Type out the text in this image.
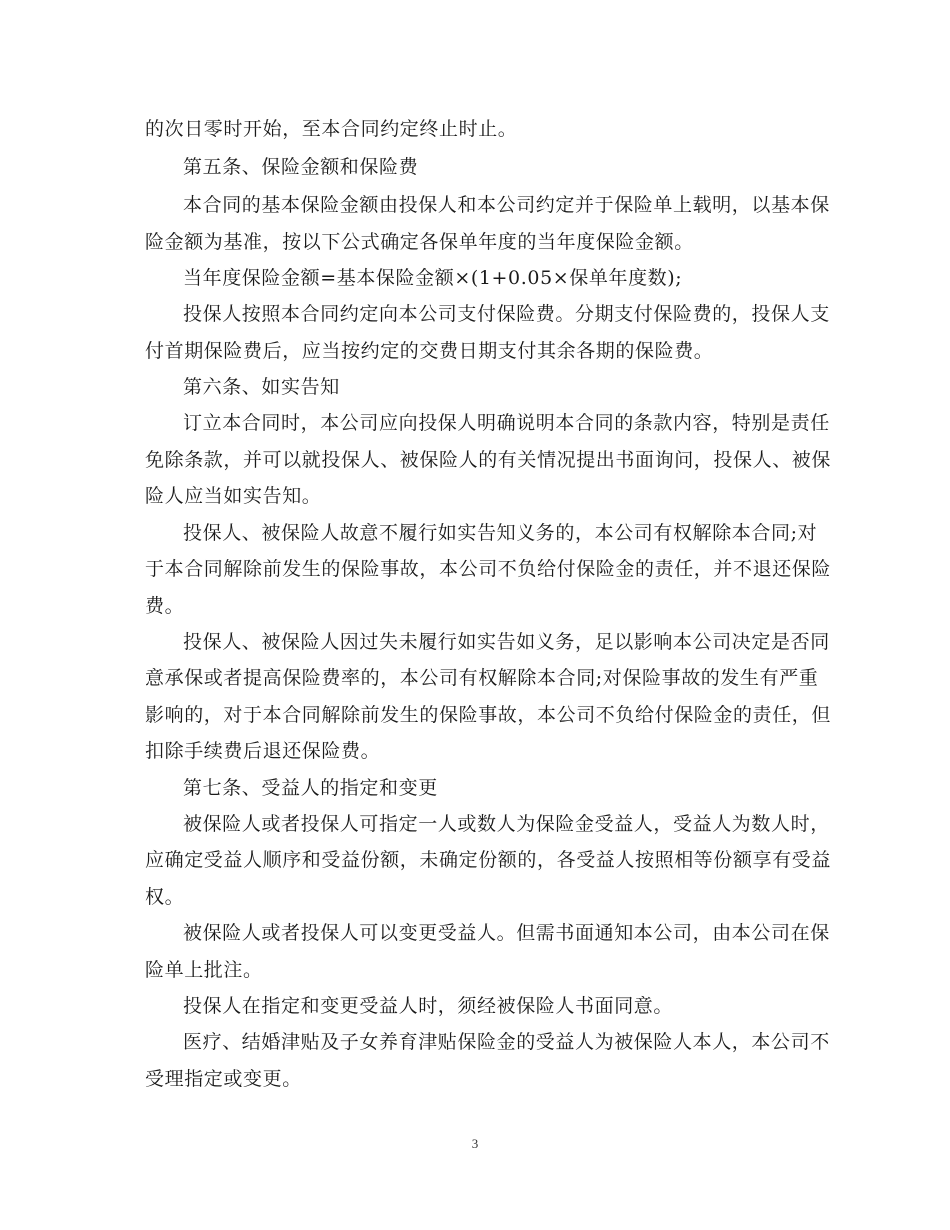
的次日零时开始，至本合同约定终止时止。
第五条、保险金额和保险费
本合同的基本保险金额由投保人和本公司约定并于保险单上载明，以基本保
险金额为基准，按以下公式确定各保单年度的当年度保险金额。
当年度保险金额=基本保险金额×(1+0.05×保单年度数);
投保人按照本合同约定向本公司支付保险费。分期支付保险费的，投保人支
付首期保险费后，应当按约定的交费日期支付其余各期的保险费。
第六条、如实告知
订立本合同时，本公司应向投保人明确说明本合同的条款内容，特别是责任
免除条款，并可以就投保人、被保险人的有关情况提出书面询问，投保人、被保
险人应当如实告知。
投保人、被保险人故意不履行如实告知义务的，本公司有权解除本合同;对
于本合同解除前发生的保险事故，本公司不负给付保险金的责任，并不退还保险
费。
投保人、被保险人因过失未履行如实告如义务，足以影响本公司决定是否同
意承保或者提高保险费率的，本公司有权解除本合同;对保险事故的发生有严重
影响的，对于本合同解除前发生的保险事故，本公司不负给付保险金的责任，但
扣除手续费后退还保险费。
第七条、受益人的指定和变更
被保险人或者投保人可指定一人或数人为保险金受益人，受益人为数人时，
应确定受益人顺序和受益份额，未确定份额的，各受益人按照相等份额享有受益
权。
被保险人或者投保人可以变更受益人。但需书面通知本公司，由本公司在保
险单上批注。
投保人在指定和变更受益人时，须经被保险人书面同意。
医疗、结婚津贴及子女养育津贴保险金的受益人为被保险人本人，本公司不
受理指定或变更。
3
